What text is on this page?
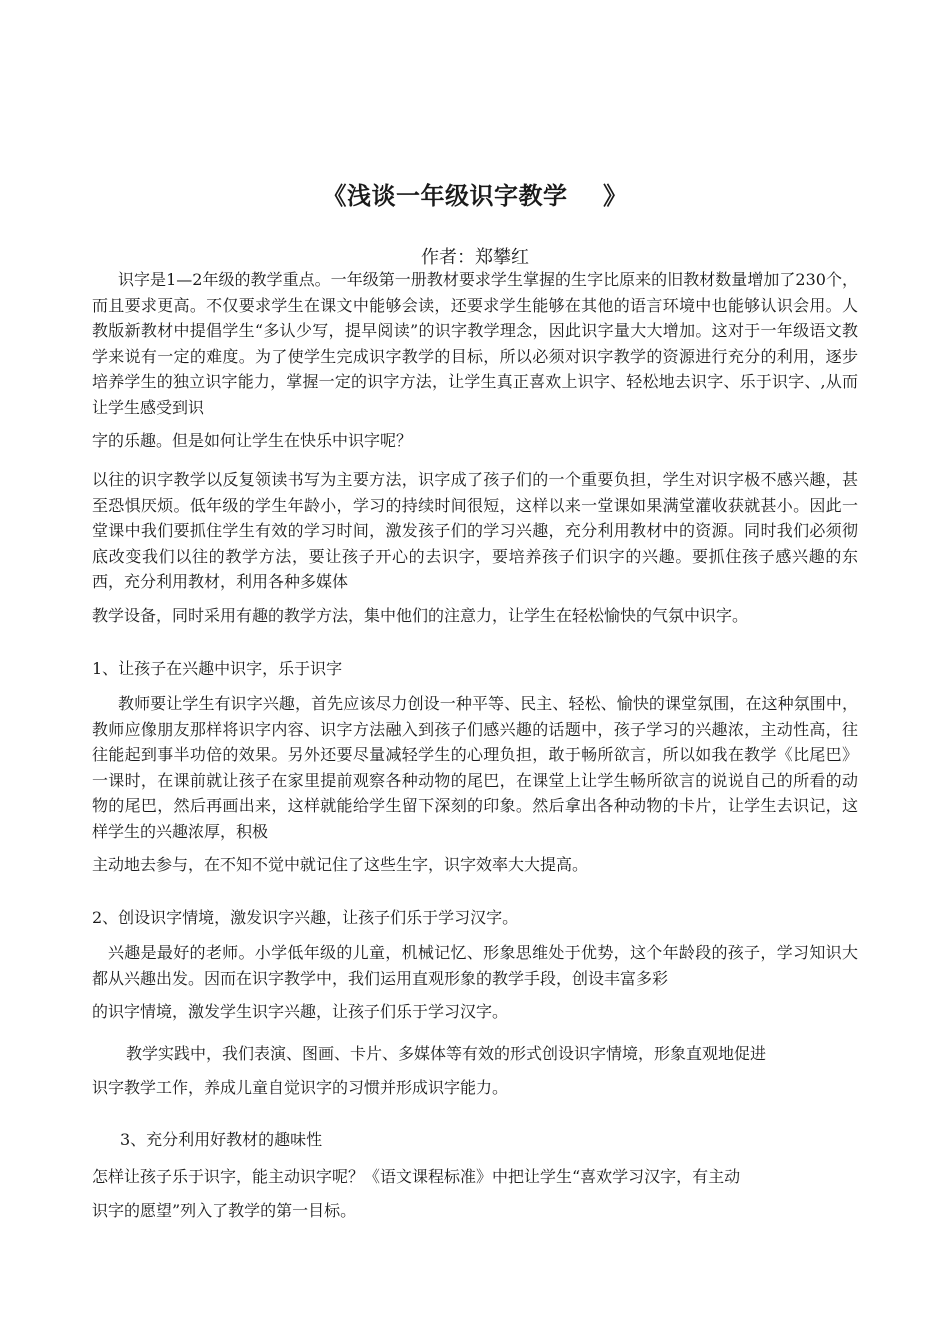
《浅谈一年级识字教学    》
作者：郑攀红

识字是1—2年级的教学重点。一年级第一册教材要求学生掌握的生字比原来的旧教材数量增加了230个，而且要求更高。不仅要求学生在课文中能够会读，还要求学生能够在其他的语言环境中也能够认识会用。人教版新教材中提倡学生“多认少写，提早阅读”的识字教学理念，因此识字量大大增加。这对于一年级语文教学来说有一定的难度。为了使学生完成识字教学的目标，所以必须对识字教学的资源进行充分的利用，逐步培养学生的独立识字能力，掌握一定的识字方法，让学生真正喜欢上识字、轻松地去识字、乐于识字、,从而让学生感受到识
字的乐趣。但是如何让学生在快乐中识字呢？

以往的识字教学以反复领读书写为主要方法，识字成了孩子们的一个重要负担，学生对识字极不感兴趣，甚至恐惧厌烦。低年级的学生年龄小，学习的持续时间很短，这样以来一堂课如果满堂灌收获就甚小。因此一堂课中我们要抓住学生有效的学习时间，激发孩子们的学习兴趣，充分利用教材中的资源。同时我们必须彻底改变我们以往的教学方法，要让孩子开心的去识字，要培养孩子们识字的兴趣。要抓住孩子感兴趣的东西，充分利用教材，利用各种多媒体
教学设备，同时采用有趣的教学方法，集中他们的注意力，让学生在轻松愉快的气氛中识字。

1、让孩子在兴趣中识字，乐于识字

教师要让学生有识字兴趣，首先应该尽力创设一种平等、民主、轻松、愉快的课堂氛围，在这种氛围中，教师应像朋友那样将识字内容、识字方法融入到孩子们感兴趣的话题中，孩子学习的兴趣浓，主动性高，往往能起到事半功倍的效果。另外还要尽量减轻学生的心理负担，敢于畅所欲言，所以如我在教学《比尾巴》一课时，在课前就让孩子在家里提前观察各种动物的尾巴，在课堂上让学生畅所欲言的说说自己的所看的动物的尾巴，然后再画出来，这样就能给学生留下深刻的印象。然后拿出各种动物的卡片，让学生去识记，这样学生的兴趣浓厚，积极
主动地去参与，在不知不觉中就记住了这些生字，识字效率大大提高。

2、创设识字情境，激发识字兴趣，让孩子们乐于学习汉字。

兴趣是最好的老师。小学低年级的儿童，机械记忆、形象思维处于优势，这个年龄段的孩子，学习知识大都从兴趣出发。因而在识字教学中，我们运用直观形象的教学手段，创设丰富多彩
的识字情境，激发学生识字兴趣，让孩子们乐于学习汉字。

教学实践中，我们表演、图画、卡片、多媒体等有效的形式创设识字情境，形象直观地促进
识字教学工作，养成儿童自觉识字的习惯并形成识字能力。

3、充分利用好教材的趣味性

怎样让孩子乐于识字，能主动识字呢？《语文课程标准》中把让学生“喜欢学习汉字，有主动
识字的愿望”列入了教学的第一目标。
